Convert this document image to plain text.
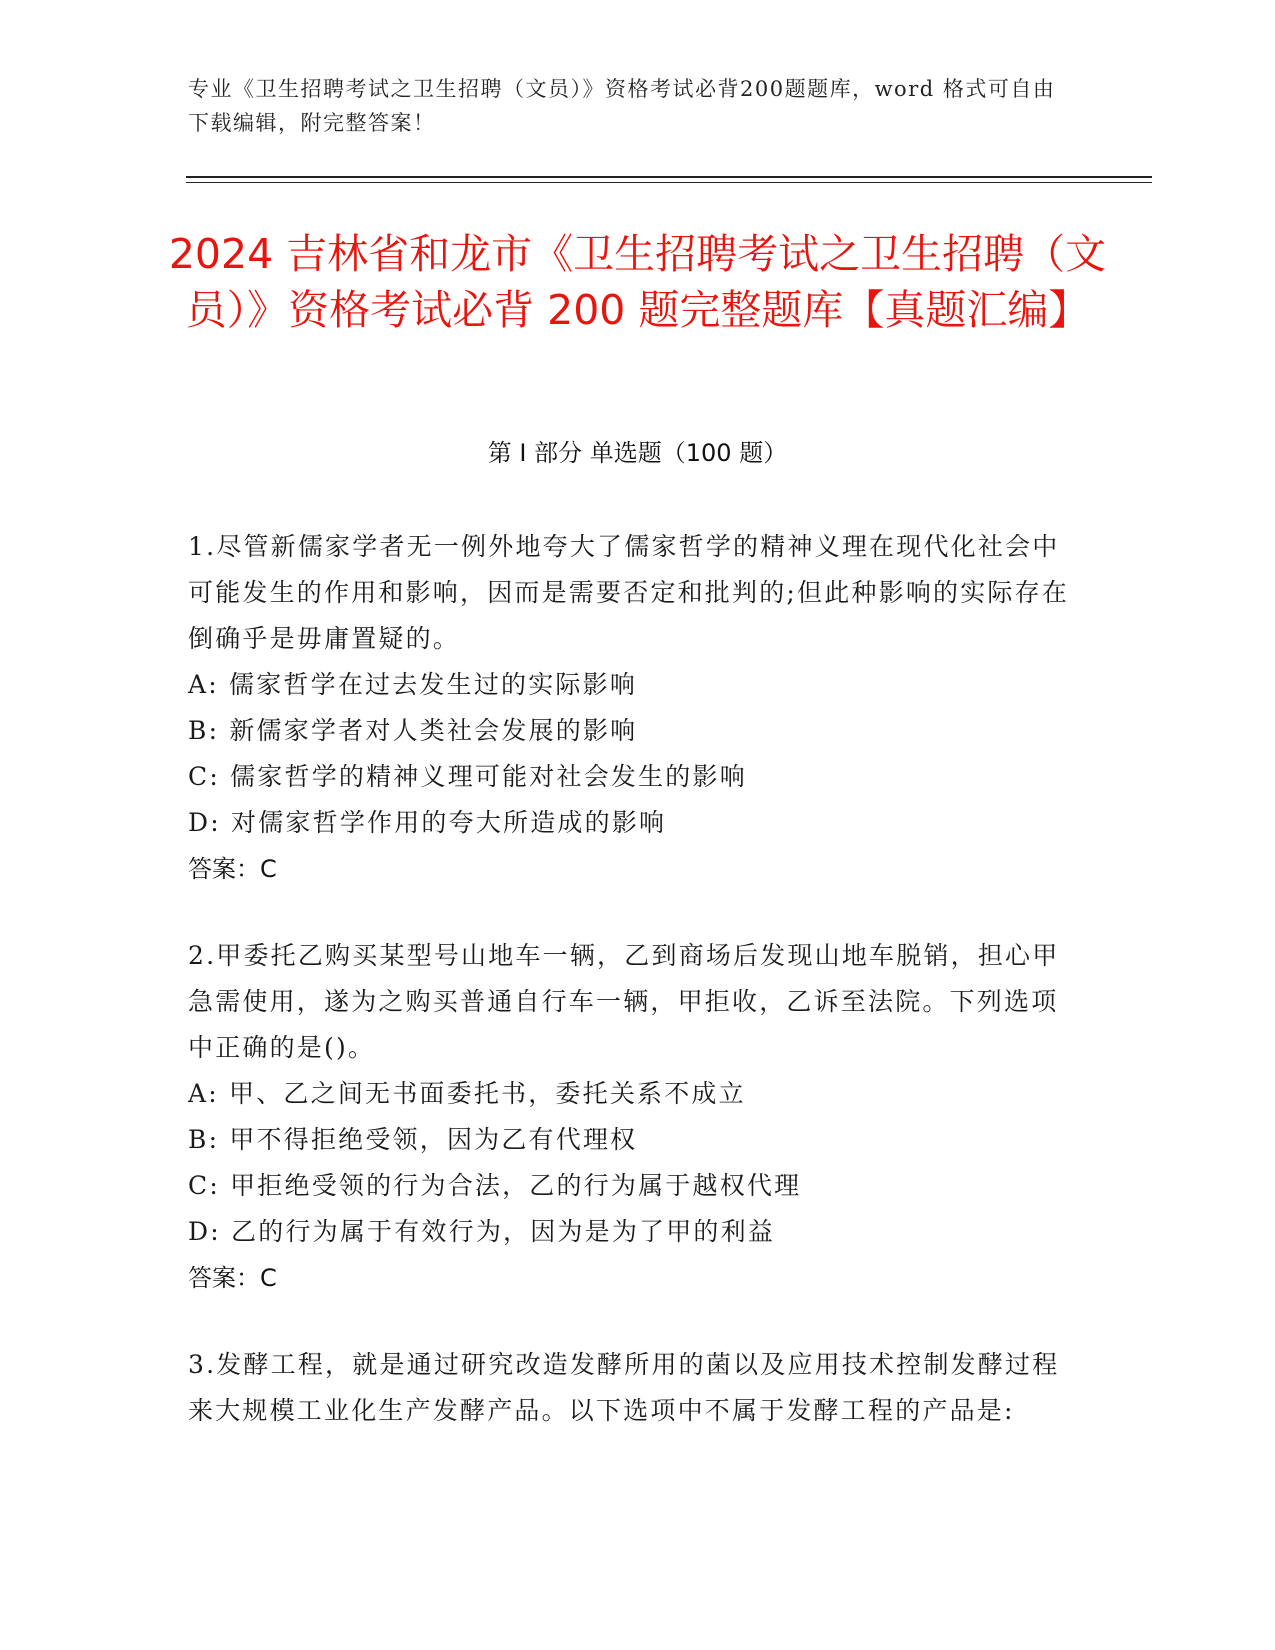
专业《卫生招聘考试之卫生招聘（文员）》资格考试必背200题题库，word 格式可自由下载编辑，附完整答案！
2024 吉林省和龙市《卫生招聘考试之卫生招聘（文员）》资格考试必背 200 题完整题库【真题汇编】
第 I 部分 单选题（100 题）
1.尽管新儒家学者无一例外地夸大了儒家哲学的精神义理在现代化社会中可能发生的作用和影响，因而是需要否定和批判的;但此种影响的实际存在倒确乎是毋庸置疑的。
A: 儒家哲学在过去发生过的实际影响
B: 新儒家学者对人类社会发展的影响
C: 儒家哲学的精神义理可能对社会发生的影响
D: 对儒家哲学作用的夸大所造成的影响
答案：C
2.甲委托乙购买某型号山地车一辆，乙到商场后发现山地车脱销，担心甲急需使用，遂为之购买普通自行车一辆，甲拒收，乙诉至法院。下列选项中正确的是()。
A: 甲、乙之间无书面委托书，委托关系不成立
B: 甲不得拒绝受领，因为乙有代理权
C: 甲拒绝受领的行为合法，乙的行为属于越权代理
D: 乙的行为属于有效行为，因为是为了甲的利益
答案：C
3.发酵工程，就是通过研究改造发酵所用的菌以及应用技术控制发酵过程来大规模工业化生产发酵产品。以下选项中不属于发酵工程的产品是:
